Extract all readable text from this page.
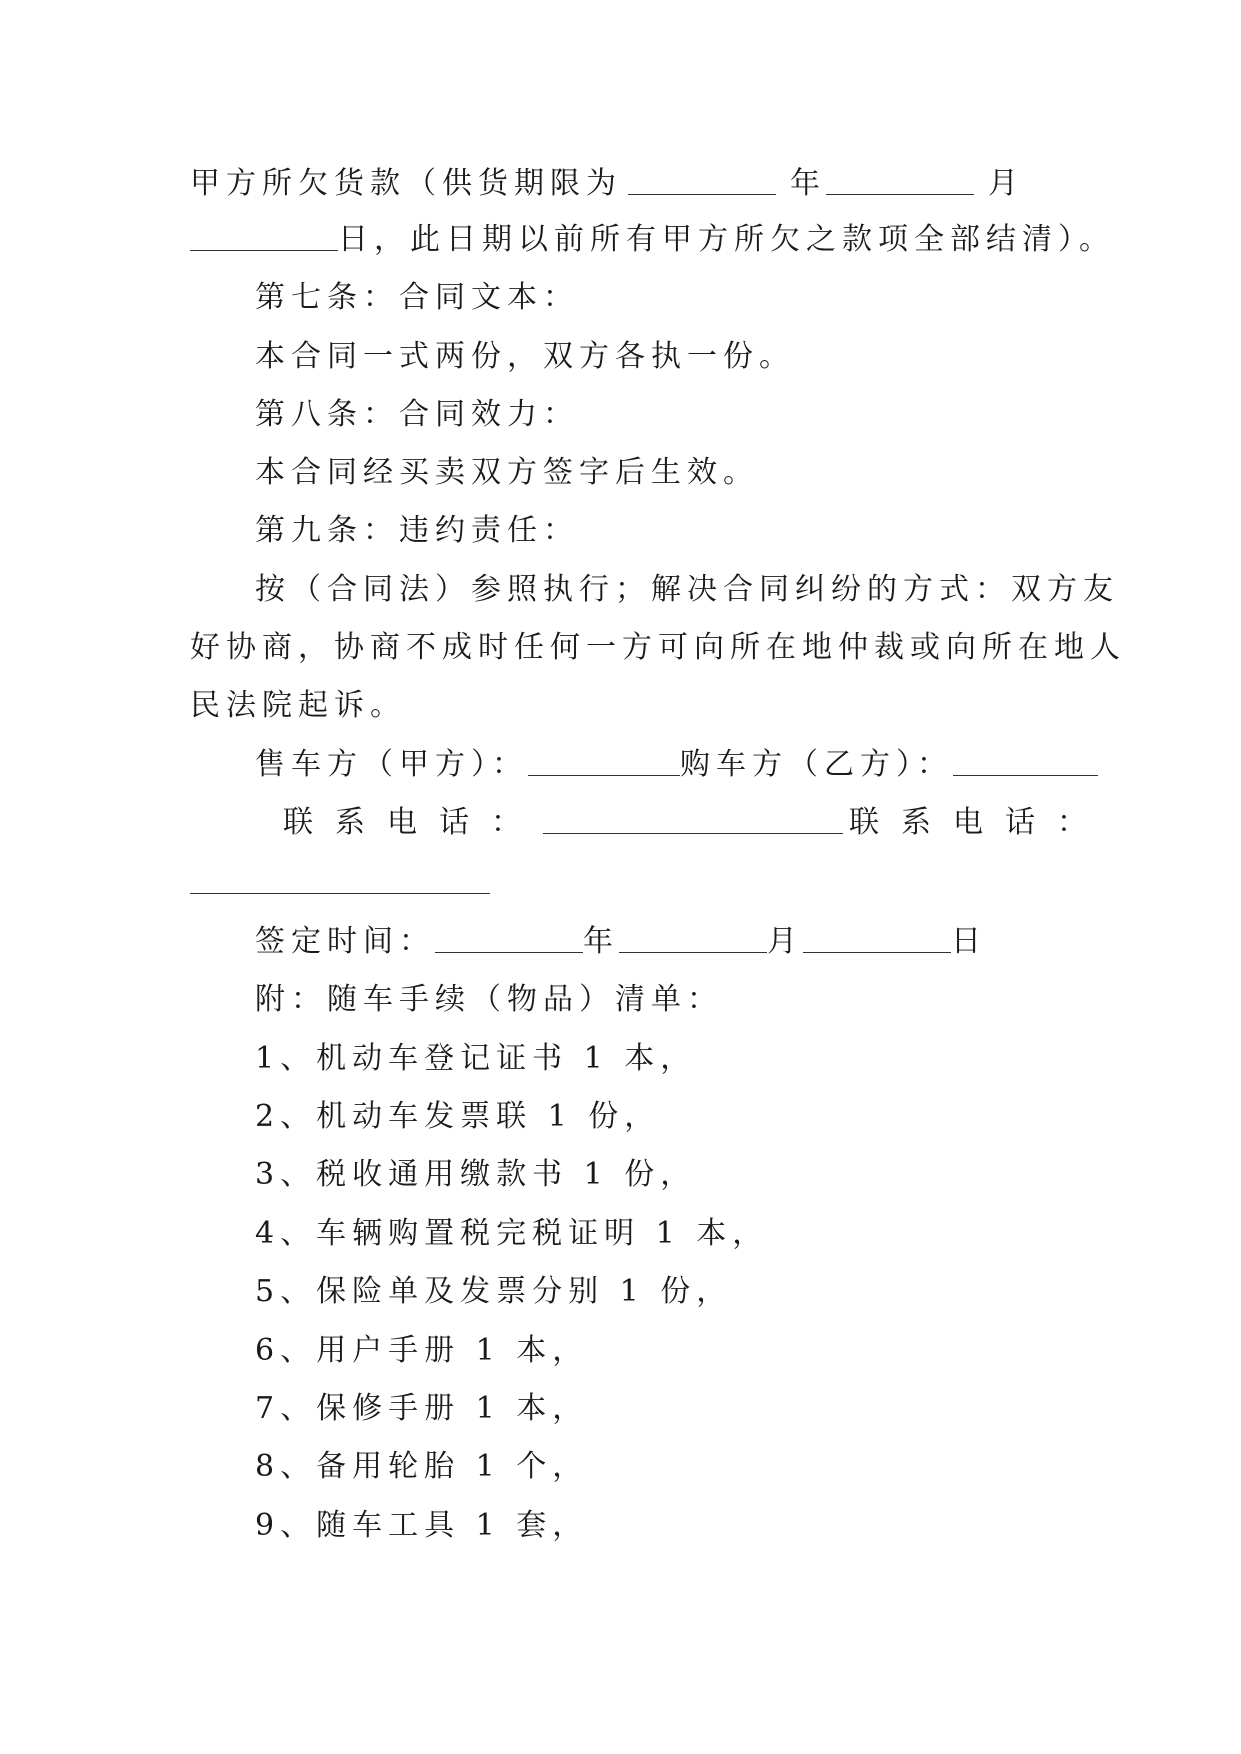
甲方所欠货款（供货期限为	年	月
日，此日期以前所有甲方所欠之款项全部结清）。
第七条：合同文本：
本合同一式两份，双方各执一份。
第八条：合同效力：
本合同经买卖双方签字后生效。
第九条：违约责任：
按（合同法）参照执行；解决合同纠纷的方式：双方友
好协商，协商不成时任何一方可向所在地仲裁或向所在地人
民法院起诉。
售车方（甲方）：	购车方（乙方）：
联系电话：	联系电话：
签定时间：	年	月	日
附：随车手续（物品）清单：
1、机动车登记证书 1 本，
2、机动车发票联 1 份，
3、税收通用缴款书 1 份，
4、车辆购置税完税证明 1 本，
5、保险单及发票分别 1 份，
6、用户手册 1 本，
7、保修手册 1 本，
8、备用轮胎 1 个，
9、随车工具 1 套，
